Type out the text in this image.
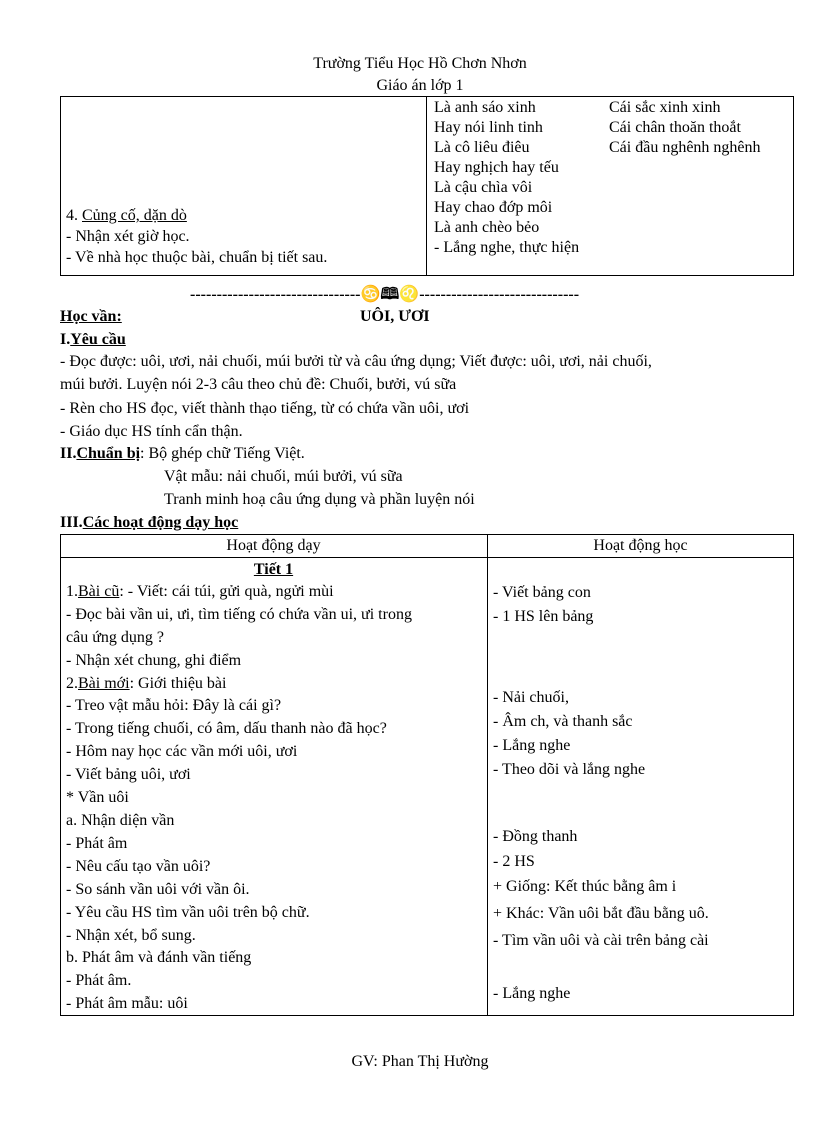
Trường Tiểu Học Hồ Chơn Nhơn
Giáo án lớp 1
4. Củng cố, dặn dò
- Nhận xét giờ học.
- Về nhà học thuộc bài, chuẩn bị tiết sau.
Là anh sáo xinh
Hay nói linh tinh
Là cô liêu điêu
Hay nghịch hay tếu
Là cậu chìa vôi
Hay chao đớp môi
Là anh chèo bẻo
- Lắng nghe, thực hiện
Cái sắc xinh xinh
Cái chân thoăn thoắt
Cái đầu nghênh nghênh
--------------------------------♋🕮♌------------------------------
Học vần:	UÔI, ƯƠI
I.Yêu cầu
- Đọc được: uôi, ươi, nải chuối, múi bưởi từ và câu ứng dụng; Viết được: uôi, ươi, nải chuối,
múi bưởi. Luyện nói 2-3 câu theo chủ đề: Chuối, bưởi, vú sữa
- Rèn cho HS đọc, viết thành thạo tiếng, từ có chứa vần uôi, ươi
- Giáo dục HS tính cẩn thận.
II.Chuẩn bị: Bộ ghép chữ Tiếng Việt.
Vật mẫu: nải chuối, múi bưởi, vú sữa
Tranh minh hoạ câu ứng dụng và phần luyện nói
III.Các hoạt động dạy học
Hoạt động dạy	Hoạt động học
Tiết 1
1.Bài cũ: - Viết: cái túi, gửi quà, ngửi mùi
- Đọc bài vần ui, ưi, tìm tiếng có chứa vần ui, ưi trong
câu ứng dụng ?
- Nhận xét chung, ghi điểm
2.Bài mới: Giới thiệu bài
- Treo vật mẫu hỏi: Đây là cái gì?
- Trong tiếng chuối, có âm, dấu thanh nào đã học?
- Hôm nay học các vần mới uôi, ươi
- Viết bảng uôi, ươi
* Vần uôi
a. Nhận diện vần
- Phát âm
- Nêu cấu tạo vần uôi?
- So sánh vần uôi với vần ôi.
- Yêu cầu HS tìm vần uôi trên bộ chữ.
- Nhận xét, bổ sung.
b. Phát âm và đánh vần tiếng
- Phát âm.
- Phát âm mẫu: uôi
- Viết bảng con
- 1 HS lên bảng
- Nải chuối,
- Âm ch, và thanh sắc
- Lắng nghe
- Theo dõi và lắng nghe
- Đồng thanh
- 2 HS
+ Giống: Kết thúc bằng âm i
+ Khác: Vần uôi bắt đầu bằng uô.
- Tìm vần uôi và cài trên bảng cài
- Lắng nghe
GV: Phan Thị Hường
